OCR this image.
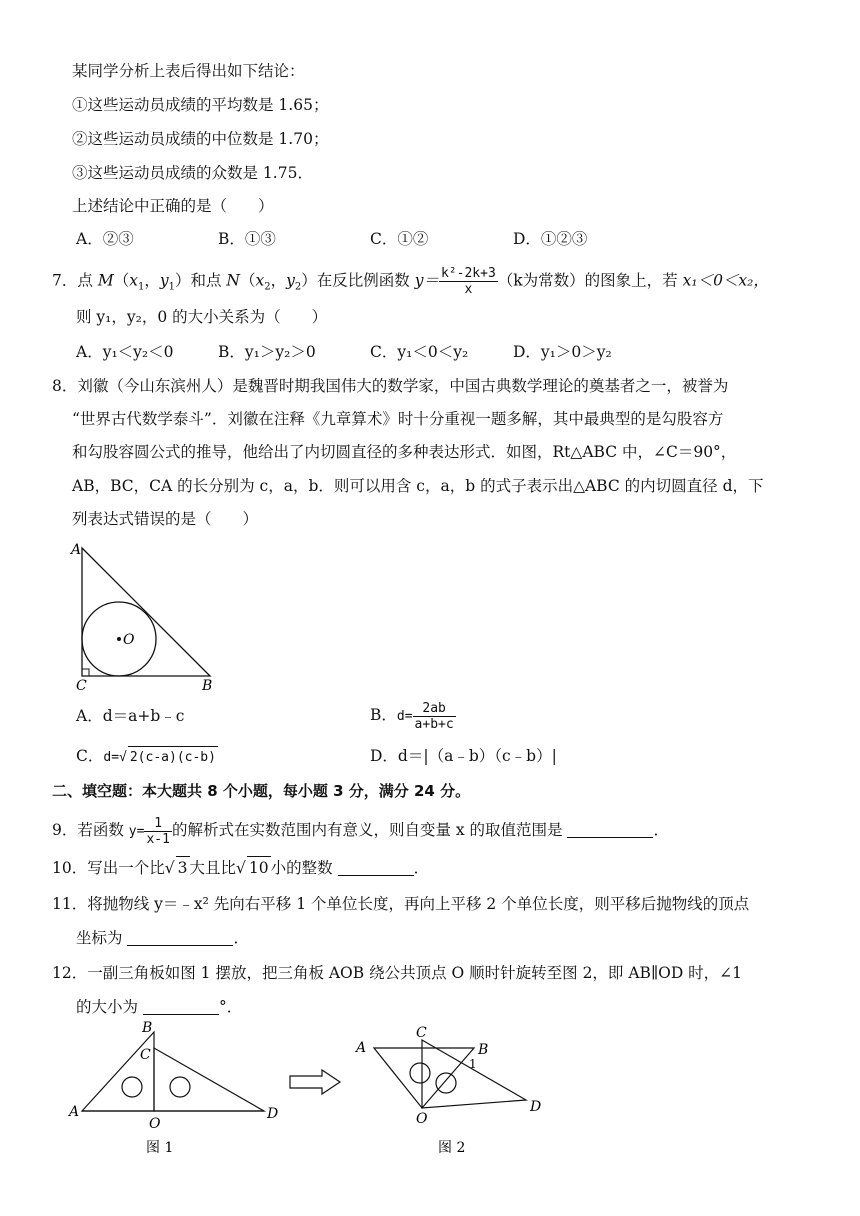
某同学分析上表后得出如下结论：
①这些运动员成绩的平均数是 1.65；
②这些运动员成绩的中位数是 1.70；
③这些运动员成绩的众数是 1.75．
上述结论中正确的是（　　）
A．②③	B．①③	C．①②	D．①②③
7．点 $M(x_1$，$y_1$）和点 $N(x_2$，$y_2$）在反比例函数 $y= \frac{\text{k²-2k+3}}{x} (k$为常数）的图象上，若 x₁＜0＜x₂，
则 y₁，y₂，0 的大小关系为（　　）
A．y₁＜y₂＜0	B．y₁＞y₂＞0	C．y₁＜0＜y₂	D．y₁＞0＞y₂
8．刘徽（今山东滨州人）是魏晋时期我国伟大的数学家，中国古典数学理论的奠基者之一，被誉为
“世界古代数学泰斗”．刘徽在注释《九章算术》时十分重视一题多解，其中最典型的是勾股容方
和勾股容圆公式的推导，他给出了内切圆直径的多种表达形式．如图，Rt△ABC 中，∠C＝90°，
AB，BC，CA 的长分别为 c，a，b．则可以用含 c，a，b 的式子表示出△ABC 的内切圆直径 d，下
列表达式错误的是（　　）
A
C	B
O
A．d＝a+b﹣c	B．$d= \frac{2ab}{a+b+c}$
C．d=√ 2(c-a)(c-b)	D．d＝|（a﹣b）（c﹣b）|
二、填空题：本大题共 8 个小题，每小题 3 分，满分 24 分。
9．若函数 $y= \frac{1}{x-1}$ 的解析式在实数范围内有意义，则自变量 x 的取值范围是	．
10．写出一个比√ 3 大且比√ 10 小的整数	．
11．将抛物线 y＝﹣x² 先向右平移 1 个单位长度，再向上平移 2 个单位长度，则平移后抛物线的顶点
坐标为	．
12．一副三角板如图 1 摆放，把三角板 AOB 绕公共顶点 O 顺时针旋转至图 2，即 AB∥OD 时，∠1
的大小为	°．
B
C
A
O
D
图 1
C
A	B
1
O
D
图 2
